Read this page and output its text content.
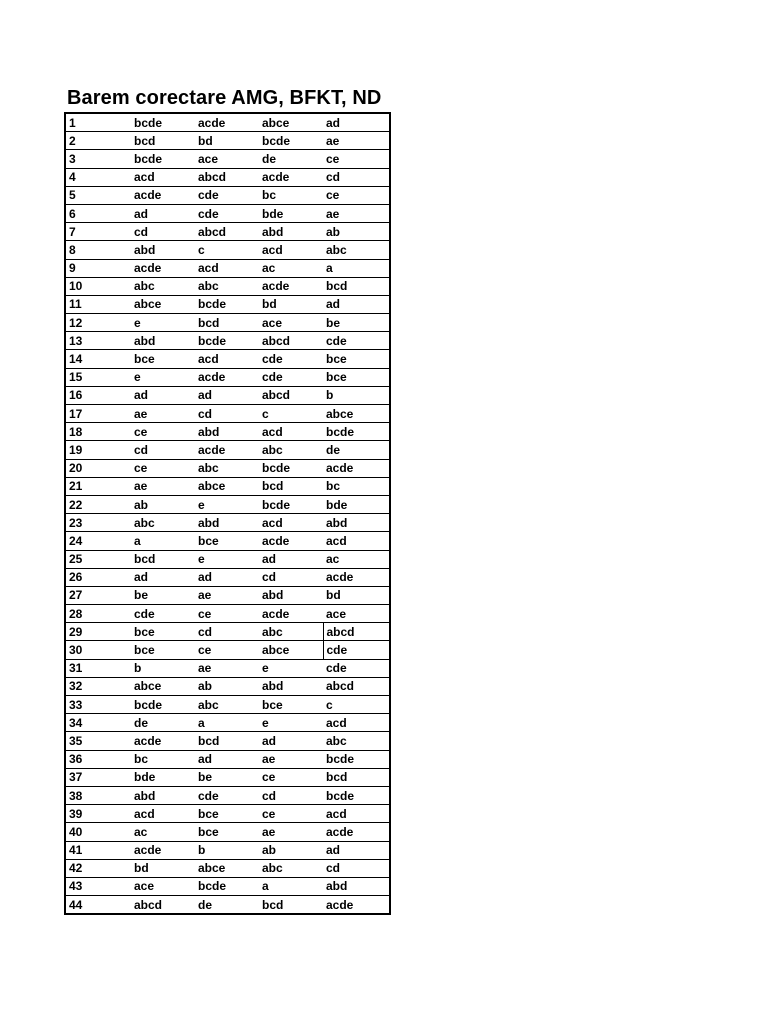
Barem corectare AMG, BFKT, ND
1	bcde	acde	abce	ad
2	bcd	bd	bcde	ae
3	bcde	ace	de	ce
4	acd	abcd	acde	cd
5	acde	cde	bc	ce
6	ad	cde	bde	ae
7	cd	abcd	abd	ab
8	abd	c	acd	abc
9	acde	acd	ac	a
10	abc	abc	acde	bcd
11	abce	bcde	bd	ad
12	e	bcd	ace	be
13	abd	bcde	abcd	cde
14	bce	acd	cde	bce
15	e	acde	cde	bce
16	ad	ad	abcd	b
17	ae	cd	c	abce
18	ce	abd	acd	bcde
19	cd	acde	abc	de
20	ce	abc	bcde	acde
21	ae	abce	bcd	bc
22	ab	e	bcde	bde
23	abc	abd	acd	abd
24	a	bce	acde	acd
25	bcd	e	ad	ac
26	ad	ad	cd	acde
27	be	ae	abd	bd
28	cde	ce	acde	ace
29	bce	cd	abc	abcd
30	bce	ce	abce	cde
31	b	ae	e	cde
32	abce	ab	abd	abcd
33	bcde	abc	bce	c
34	de	a	e	acd
35	acde	bcd	ad	abc
36	bc	ad	ae	bcde
37	bde	be	ce	bcd
38	abd	cde	cd	bcde
39	acd	bce	ce	acd
40	ac	bce	ae	acde
41	acde	b	ab	ad
42	bd	abce	abc	cd
43	ace	bcde	a	abd
44	abcd	de	bcd	acde
